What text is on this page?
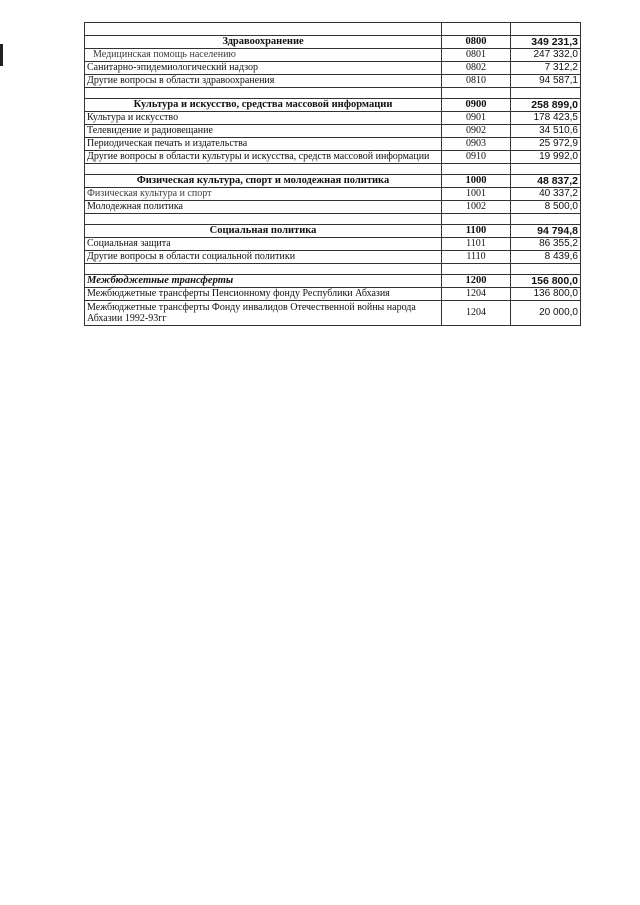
Здравоохранение	0800	349 231,3
Медицинская помощь населению	0801	247 332,0
Санитарно-эпидемиологический надзор	0802	7 312,2
Другие вопросы в области здравоохранения	0810	94 587,1

Культура и искусство, средства массовой информации	0900	258 899,0
Культура и искусство	0901	178 423,5
Телевидение и радиовещание	0902	34 510,6
Периодическая печать и издательства	0903	25 972,9
Другие вопросы в области культуры и искусства, средств массовой информации	0910	19 992,0

Физическая культура, спорт и молодежная политика	1000	48 837,2
Физическая культура и спорт	1001	40 337,2
Молодежная политика	1002	8 500,0

Социальная политика	1100	94 794,8
Социальная защита	1101	86 355,2
Другие вопросы в области социальной политики	1110	8 439,6

Межбюджетные трансферты	1200	156 800,0
Межбюджетные трансферты Пенсионному фонду Республики Абхазия	1204	136 800,0
Межбюджетные трансферты Фонду инвалидов Отечественной войны народа Абхазии 1992-93гг	1204	20 000,0
